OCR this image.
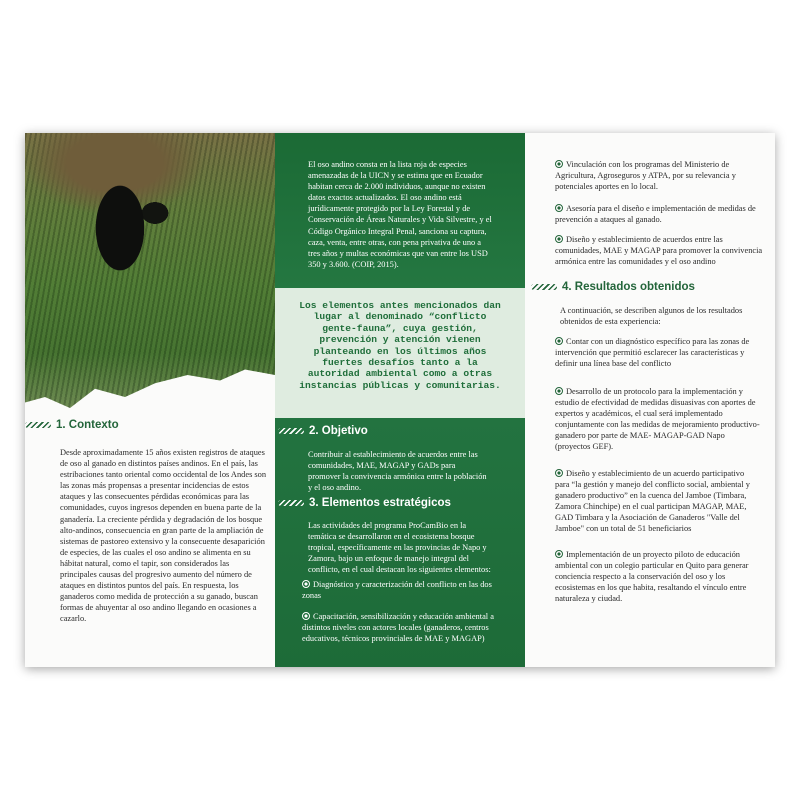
1. Contexto
Desde aproximadamente 15 años existen registros de ataques de oso al ganado en distintos países andinos. En el país, las estribaciones tanto oriental como occidental de los Andes son las zonas más propensas a presentar incidencias de estos ataques y las consecuentes pérdidas económicas para las comunidades, cuyos ingresos dependen en buena parte de la ganadería. La creciente pérdida y degradación de los bosque alto-andinos, consecuencia en gran parte de la ampliación de sistemas de pastoreo extensivo y la consecuente desaparición de especies, de las cuales el oso andino se alimenta en su hábitat natural, como el tapir, son considerados las principales causas del progresivo aumento del número de ataques en distintos puntos del país. En respuesta, los ganaderos como medida de protección a su ganado, buscan formas de ahuyentar al oso andino llegando en ocasiones a cazarlo.
El oso andino consta en la lista roja de especies amenazadas de la UICN y se estima que en Ecuador habitan cerca de 2.000 individuos, aunque no existen datos exactos actualizados. El oso andino está jurídicamente protegido por la Ley Forestal y de Conservación de Áreas Naturales y Vida Silvestre, y el Código Orgánico Integral Penal, sanciona su captura, caza, venta, entre otras, con pena privativa de uno a tres años y multas económicas que van entre los USD 350 y 3.600. (COIP, 2015).
Los elementos antes mencionados dan lugar al denominado “conflicto gente-fauna”, cuya gestión, prevención y atención vienen planteando en los últimos años fuertes desafíos tanto a la autoridad ambiental como a otras instancias públicas y comunitarias.
2. Objetivo
Contribuir al establecimiento de acuerdos entre las comunidades, MAE, MAGAP y GADs para promover la convivencia armónica entre la población y el oso andino.
3. Elementos estratégicos
Las actividades del programa ProCamBio en la temática se desarrollaron en el ecosistema bosque tropical, específicamente en las provincias de Napo y Zamora, bajo un enfoque de manejo integral del conflicto, en el cual destacan los siguientes elementos:
Diagnóstico y caracterización del conflicto en las dos zonas
Capacitación, sensibilización y educación ambiental a distintos niveles con actores locales (ganaderos, centros educativos, técnicos provinciales de MAE y MAGAP)
Vinculación con los programas del Ministerio de Agricultura, Agroseguros y ATPA, por su relevancia y potenciales aportes en lo local.
Asesoría para el diseño e implementación de medidas de prevención a ataques al ganado.
Diseño y establecimiento de acuerdos entre las comunidades, MAE y MAGAP para promover la convivencia armónica entre las comunidades y el oso andino
4. Resultados obtenidos
A continuación, se describen algunos de los resultados obtenidos de esta experiencia:
Contar con un diagnóstico específico para las zonas de intervención que permitió esclarecer las características y definir una línea base del conflicto
Desarrollo de un protocolo para la implementación y estudio de efectividad de medidas disuasivas con aportes de expertos y académicos, el cual será implementado conjuntamente con las medidas de mejoramiento productivo- ganadero por parte de MAE- MAGAP-GAD Napo (proyectos GEF).
Diseño y establecimiento de un acuerdo participativo para “la gestión y manejo del conflicto social, ambiental y ganadero productivo” en la cuenca del Jamboe (Timbara, Zamora Chinchipe) en el cual participan MAGAP, MAE, GAD Timbara y la Asociación de Ganaderos "Valle del Jamboe" con un total de 51 beneficiarios
Implementación de un proyecto piloto de educación ambiental con un colegio particular en Quito para generar conciencia respecto a la conservación del oso y los ecosistemas en los que habita, resaltando el vínculo entre naturaleza y ciudad.
